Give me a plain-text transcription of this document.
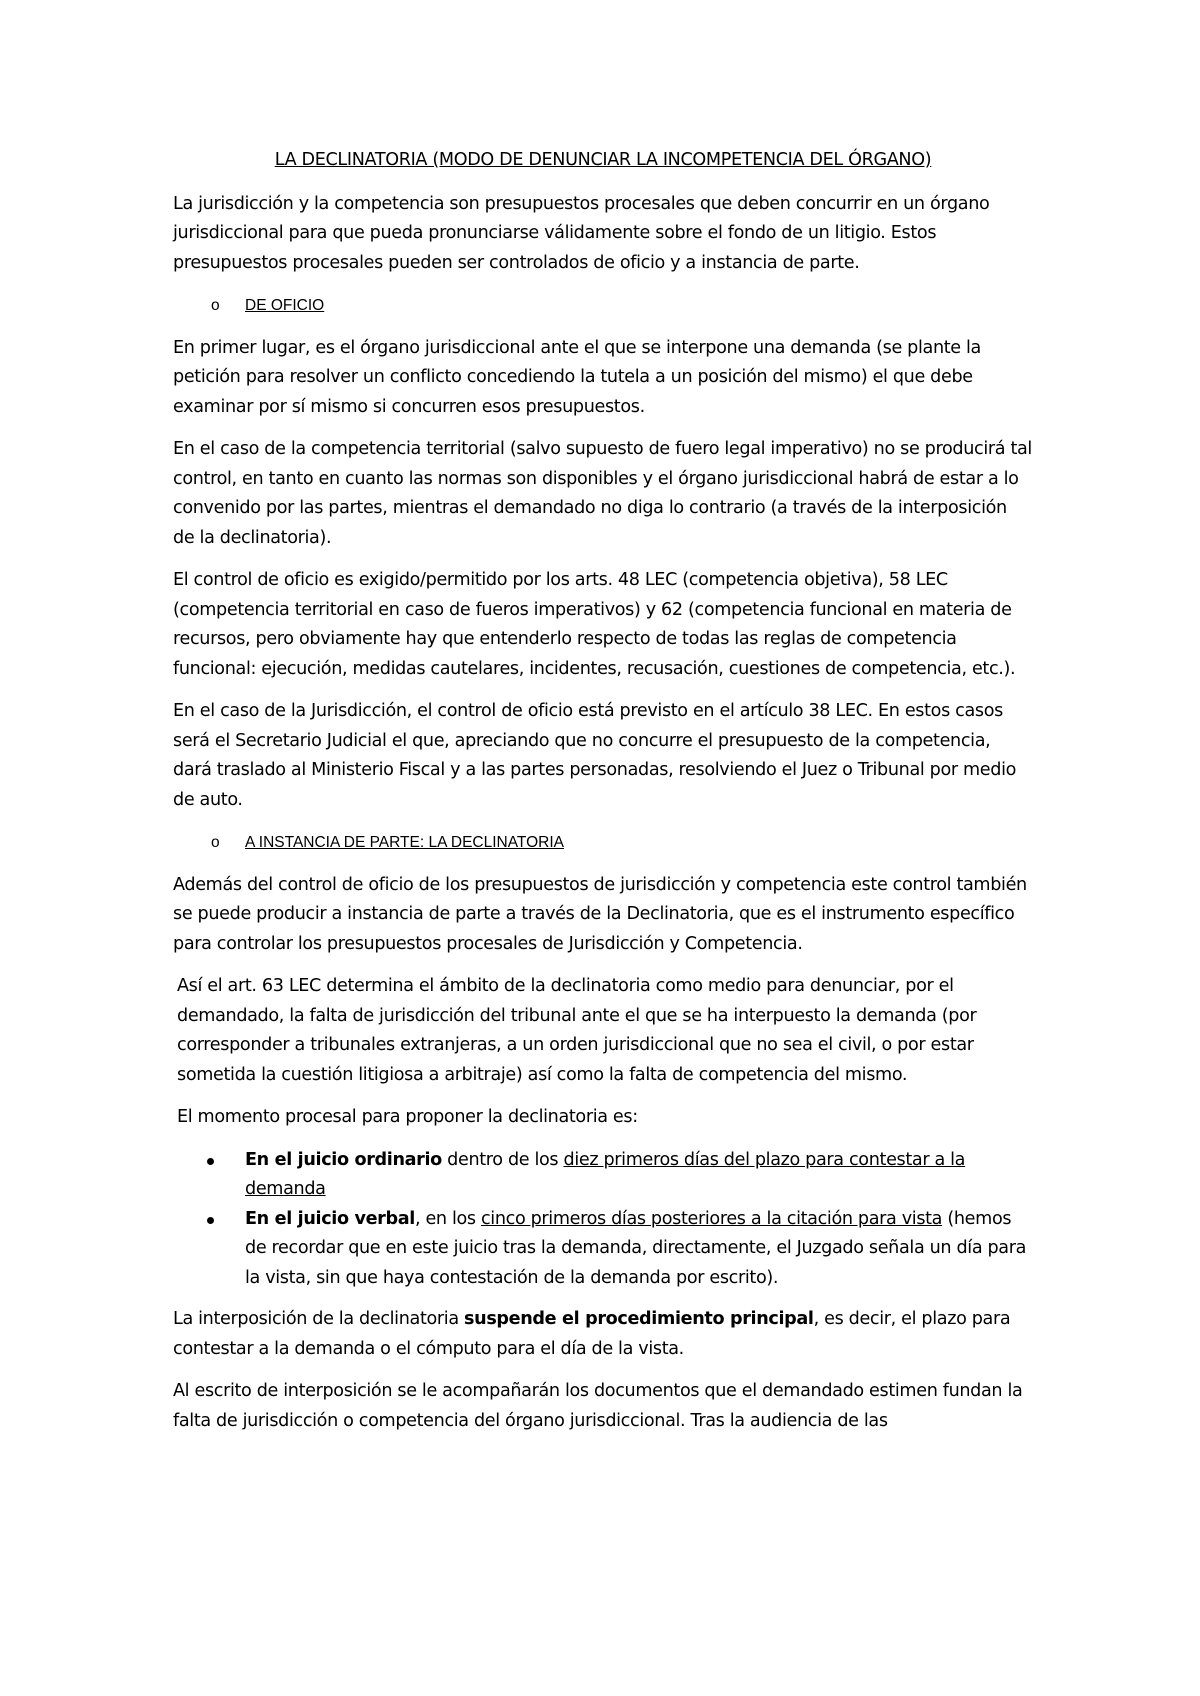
LA DECLINATORIA (MODO DE DENUNCIAR LA INCOMPETENCIA DEL ÓRGANO)

La jurisdicción y la competencia son presupuestos procesales que deben concurrir en un órgano jurisdiccional para que pueda pronunciarse válidamente sobre el fondo de un litigio. Estos presupuestos procesales pueden ser controlados de oficio y a instancia de parte.

o DE OFICIO

En primer lugar, es el órgano jurisdiccional ante el que se interpone una demanda (se plante la petición para resolver un conflicto concediendo la tutela a un posición del mismo) el que debe examinar por sí mismo si concurren esos presupuestos.

En el caso de la competencia territorial (salvo supuesto de fuero legal imperativo) no se producirá tal control, en tanto en cuanto las normas son disponibles y el órgano jurisdiccional habrá de estar a lo convenido por las partes, mientras el demandado no diga lo contrario (a través de la interposición de la declinatoria).

El control de oficio es exigido/permitido por los arts. 48 LEC (competencia objetiva), 58 LEC (competencia territorial en caso de fueros imperativos) y 62 (competencia funcional en materia de recursos, pero obviamente hay que entenderlo respecto de todas las reglas de competencia funcional: ejecución, medidas cautelares, incidentes, recusación, cuestiones de competencia, etc.).

En el caso de la Jurisdicción, el control de oficio está previsto en el artículo 38 LEC. En estos casos será el Secretario Judicial el que, apreciando que no concurre el presupuesto de la competencia, dará traslado al Ministerio Fiscal y a las partes personadas, resolviendo el Juez o Tribunal por medio de auto.

o A INSTANCIA DE PARTE: LA DECLINATORIA

Además del control de oficio de los presupuestos de jurisdicción y competencia este control también se puede producir a instancia de parte a través de la Declinatoria, que es el instrumento específico para controlar los presupuestos procesales de Jurisdicción y Competencia.

Así el art. 63 LEC determina el ámbito de la declinatoria como medio para denunciar, por el demandado, la falta de jurisdicción del tribunal ante el que se ha interpuesto la demanda (por corresponder a tribunales extranjeras, a un orden jurisdiccional que no sea el civil, o por estar sometida la cuestión litigiosa a arbitraje) así como la falta de competencia del mismo.

El momento procesal para proponer la declinatoria es:

En el juicio ordinario dentro de los diez primeros días del plazo para contestar a la demanda
En el juicio verbal, en los cinco primeros días posteriores a la citación para vista (hemos de recordar que en este juicio tras la demanda, directamente, el Juzgado señala un día para la vista, sin que haya contestación de la demanda por escrito).

La interposición de la declinatoria suspende el procedimiento principal, es decir, el plazo para contestar a la demanda o el cómputo para el día de la vista.

Al escrito de interposición se le acompañarán los documentos que el demandado estimen fundan la falta de jurisdicción o competencia del órgano jurisdiccional. Tras la audiencia de las
